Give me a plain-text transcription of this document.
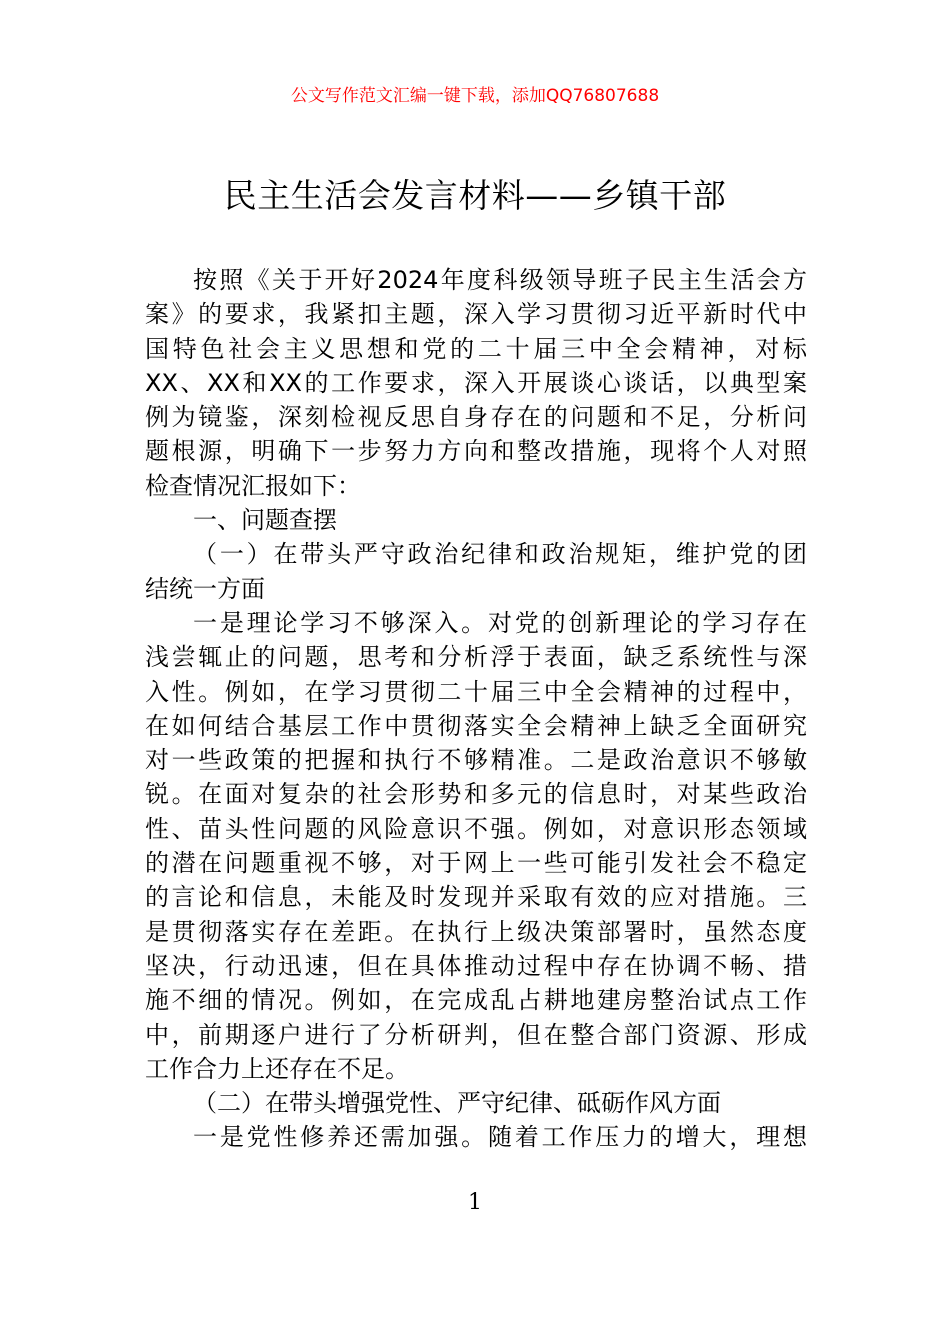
公文写作范文汇编一键下载，添加QQ76807688
民主生活会发言材料——乡镇干部
按照《关于开好2024年度科级领导班子民主生活会方
案》的要求，我紧扣主题，深入学习贯彻习近平新时代中
国特色社会主义思想和党的二十届三中全会精神，对标
XX、XX和XX的工作要求，深入开展谈心谈话，以典型案
例为镜鉴，深刻检视反思自身存在的问题和不足，分析问
题根源，明确下一步努力方向和整改措施，现将个人对照
检查情况汇报如下：
一、问题查摆
（一）在带头严守政治纪律和政治规矩，维护党的团
结统一方面
一是理论学习不够深入。对党的创新理论的学习存在
浅尝辄止的问题，思考和分析浮于表面，缺乏系统性与深
入性。例如，在学习贯彻二十届三中全会精神的过程中，
在如何结合基层工作中贯彻落实全会精神上缺乏全面研究
对一些政策的把握和执行不够精准。二是政治意识不够敏
锐。在面对复杂的社会形势和多元的信息时，对某些政治
性、苗头性问题的风险意识不强。例如，对意识形态领域
的潜在问题重视不够，对于网上一些可能引发社会不稳定
的言论和信息，未能及时发现并采取有效的应对措施。三
是贯彻落实存在差距。在执行上级决策部署时，虽然态度
坚决，行动迅速，但在具体推动过程中存在协调不畅、措
施不细的情况。例如，在完成乱占耕地建房整治试点工作
中，前期逐户进行了分析研判，但在整合部门资源、形成
工作合力上还存在不足。
（二）在带头增强党性、严守纪律、砥砺作风方面
一是党性修养还需加强。随着工作压力的增大，理想
1
